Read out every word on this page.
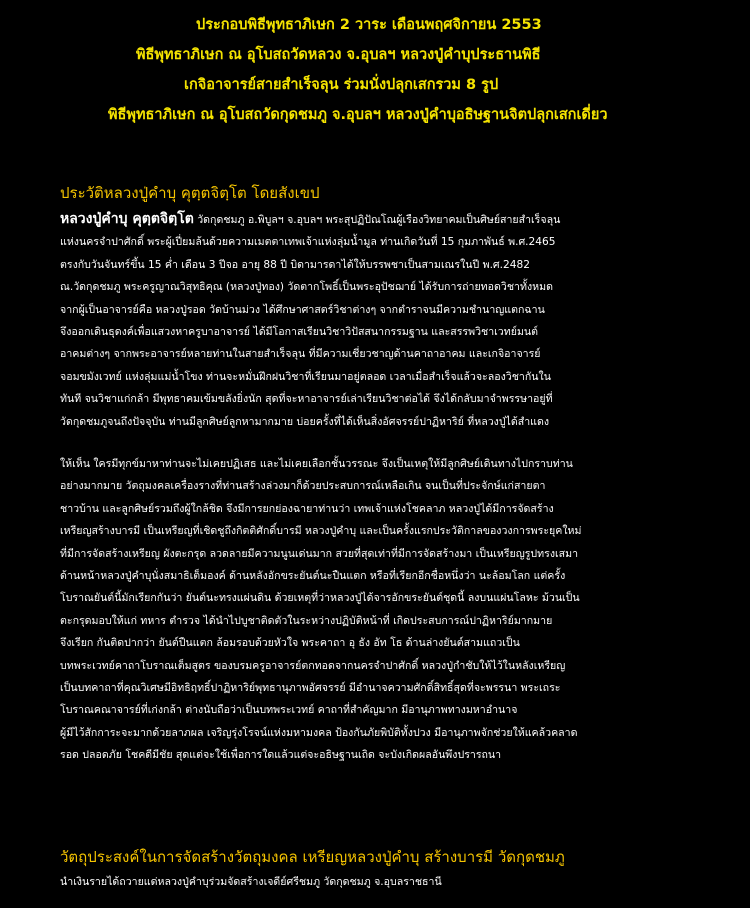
ประกอบพิธีพุทธาภิเษก 2 วาระ เดือนพฤศจิกายน 2553
พิธีพุทธาภิเษก ณ อุโบสถวัดหลวง จ.อุบลฯ หลวงปู่คำบุประธานพิธี
เกจิอาจารย์สายสำเร็จลุน ร่วมนั่งปลุกเสกรวม 8 รูป
พิธีพุทธาภิเษก ณ อุโบสถวัดกุดชมภู จ.อุบลฯ หลวงปู่คำบุอธิษฐานจิตปลุกเสกเดี่ยว
ประวัติหลวงปู่คำบุ คุตฺตจิตฺโต โดยสังเขป
หลวงปู่คำบุ คุตฺตจิตฺโต วัดกุดชมภู อ.พิบูลฯ จ.อุบลฯ พระสุปฏิปัณโณผู้เรืองวิทยาคมเป็นศิษย์สายสำเร็จลุน
แห่งนครจำปาศักดิ์ พระผู้เปี่ยมล้นด้วยความเมตตาเทพเจ้าแห่งลุ่มน้ำมูล ท่านเกิดวันที่ 15 กุมภาพันธ์ พ.ศ.2465
ตรงกับวันจันทร์ขึ้น 15 ค่ำ เดือน 3 ปีจอ อายุ 88 ปี บิดามารดาได้ให้บรรพชาเป็นสามเณรในปี พ.ศ.2482
ณ.วัดกุดชมภู พระครูญาณวิสุทธิคุณ (หลวงปู่ทอง) วัดตากโพธิ์เป็นพระอุปัชฌาย์ ได้รับการถ่ายทอดวิชาทั้งหมด
จากผู้เป็นอาจารย์คือ หลวงปู่รอด วัดบ้านม่วง ได้ศึกษาศาสตร์วิชาต่างๆ จากตำราจนมีความชำนาญแตกฉาน
จึงออกเดินธุดงค์เพื่อแสวงหาครูบาอาจารย์ ได้มีโอกาสเรียนวิชาวิปัสสนากรรมฐาน และสรรพวิชาเวทย์มนต์
อาคมต่างๆ จากพระอาจารย์หลายท่านในสายสำเร็จลุน ที่มีความเชี่ยวชาญด้านคาถาอาคม และเกจิอาจารย์
จอมขมังเวทย์ แห่งลุ่มแม่น้ำโขง ท่านจะหมั่นฝึกฝนวิชาที่เรียนมาอยู่ตลอด เวลาเมื่อสำเร็จแล้วจะลองวิชากันใน
ทันที จนวิชาแก่กล้า มีพุทธาคมเข้มขลังยิ่งนัก สุดที่จะหาอาจารย์เล่าเรียนวิชาต่อได้ จึงได้กลับมาจำพรรษาอยู่ที่
วัดกุดชมภูจนถึงปัจจุบัน ท่านมีลูกศิษย์ลูกหามากมาย บ่อยครั้งที่ได้เห็นสิ่งอัศจรรย์ปาฏิหาริย์ ที่หลวงปู่ได้สำแดง
ให้เห็น ใครมีทุกข์มาหาท่านจะไม่เคยปฏิเสธ และไม่เคยเลือกชั้นวรรณะ จึงเป็นเหตุให้มีลูกศิษย์เดินทางไปกราบท่าน
อย่างมากมาย วัตถุมงคลเครื่องรางที่ท่านสร้างล่วงมาก็ด้วยประสบการณ์เหลือเกิน จนเป็นที่ประจักษ์แก่สายตา
ชาวบ้าน และลูกศิษย์รวมถึงผู้ใกล้ชิด จึงมีการยกย่องฉายาท่านว่า เทพเจ้าแห่งโชคลาภ หลวงปู่ได้มีการจัดสร้าง
เหรียญสร้างบารมี เป็นเหรียญที่เชิดชูถึงกิตติศักดิ์บารมี หลวงปู่คำบุ และเป็นครั้งแรกประวัติกาลของวงการพระยุคใหม่
ที่มีการจัดสร้างเหรียญ ผังตะกรุด ลวดลายมีความนูนเด่นมาก สวยที่สุดเท่าที่มีการจัดสร้างมา เป็นเหรียญรูปทรงเสมา
ด้านหน้าหลวงปู่คำบุนั่งสมาธิเต็มองค์ ด้านหลังอักขระยันต์นะปืนแตก หรือที่เรียกอีกชื่อหนึ่งว่า นะล้อมโลก แต่ครั้ง
โบราณยันต์นี้มักเรียกกันว่า ยันต์นะทรงแผ่นดิน ด้วยเหตุที่ว่าหลวงปู่ได้จารอักขระยันต์ชุดนี้ ลงบนแผ่นโลหะ ม้วนเป็น
ตะกรุดมอบให้แก่ ทหาร ตำรวจ ได้นำไปบูชาติดตัวในระหว่างปฏิบัติหน้าที่ เกิดประสบการณ์ปาฏิหาริย์มากมาย
จึงเรียก กันติดปากว่า ยันต์ปืนแตก ล้อมรอบด้วยหัวใจ พระคาถา อุ ธัง อัท โธ ด้านล่างยันต์สามแถวเป็น
บทพระเวทย์คาถาโบราณเต็มสูตร ของบรมครูอาจารย์ตกทอดจากนครจำปาศักดิ์ หลวงปู่กำชับให้ไว้ในหลังเหรียญ
เป็นบทคาถาที่คุณวิเศษมีอิทธิฤทธิ์ปาฏิหาริย์พุทธานุภาพอัศจรรย์ มีอำนาจความศักดิ์สิทธิ์สุดที่จะพรรนา พระเถระ
โบราณคณาจารย์ที่เก่งกล้า ต่างนับถือว่าเป็นบทพระเวทย์ คาถาที่สำคัญมาก มีอานุภาพทางมหาอำนาจ
ผู้มีไว้สักการะจะมากด้วยลาภผล เจริญรุ่งโรจน์แห่งมหามงคล ป้องกันภัยพิบัติทั้งปวง มีอานุภาพจักช่วยให้แคล้วคลาด
รอด ปลอดภัย โชคดีมีชัย สุดแต่จะใช้เพื่อการใดแล้วแต่จะอธิษฐานเถิด จะบังเกิดผลอันพึงปรารถนา
วัตถุประสงค์ในการจัดสร้างวัตถุมงคล เหรียญหลวงปู่คำบุ สร้างบารมี วัดกุดชมภู
นำเงินรายได้ถวายแด่หลวงปู่คำบุร่วมจัดสร้างเจดีย์ศรีชมภู วัดกุดชมภู จ.อุบลราชธานี
